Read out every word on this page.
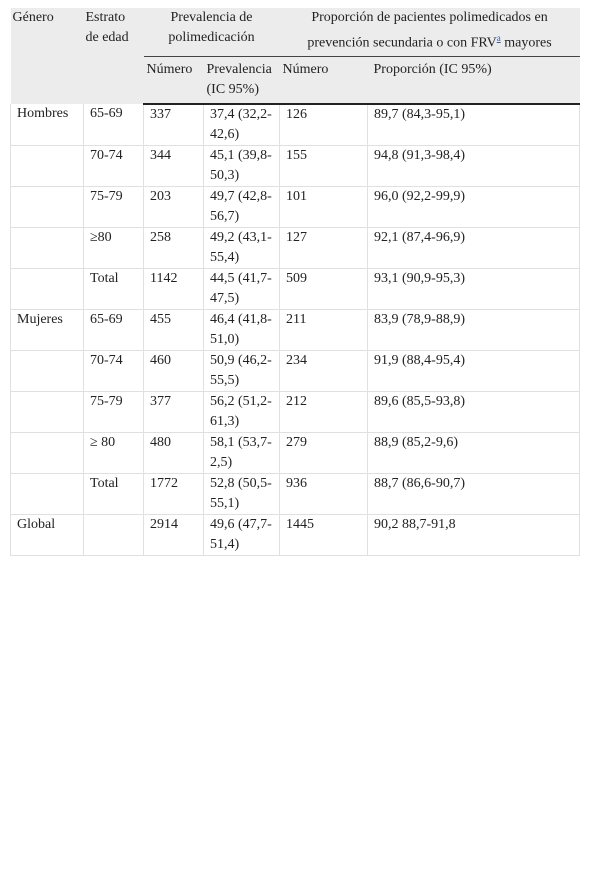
Género	Estrato de edad	Prevalencia de polimedicación		Proporción de pacientes polimedicados en prevención secundaria o con FRV$^a$ mayores	
		Número	Prevalencia (IC 95%)	Número	Proporción (IC 95%)
Hombres	65-69	337	37,4 (32,2-42,6)	126	89,7 (84,3-95,1)
	70-74	344	45,1 (39,8-50,3)	155	94,8 (91,3-98,4)
	75-79	203	49,7 (42,8-56,7)	101	96,0 (92,2-99,9)
	≥80	258	49,2 (43,1-55,4)	127	92,1 (87,4-96,9)
	Total	1142	44,5 (41,7-47,5)	509	93,1 (90,9-95,3)
Mujeres	65-69	455	46,4 (41,8-51,0)	211	83,9 (78,9-88,9)
	70-74	460	50,9 (46,2-55,5)	234	91,9 (88,4-95,4)
	75-79	377	56,2 (51,2-61,3)	212	89,6 (85,5-93,8)
	≥ 80	480	58,1 (53,7-2,5)	279	88,9 (85,2-9,6)
	Total	1772	52,8 (50,5-55,1)	936	88,7 (86,6-90,7)
Global		2914	49,6 (47,7-51,4)	1445	90,2 88,7-91,8
